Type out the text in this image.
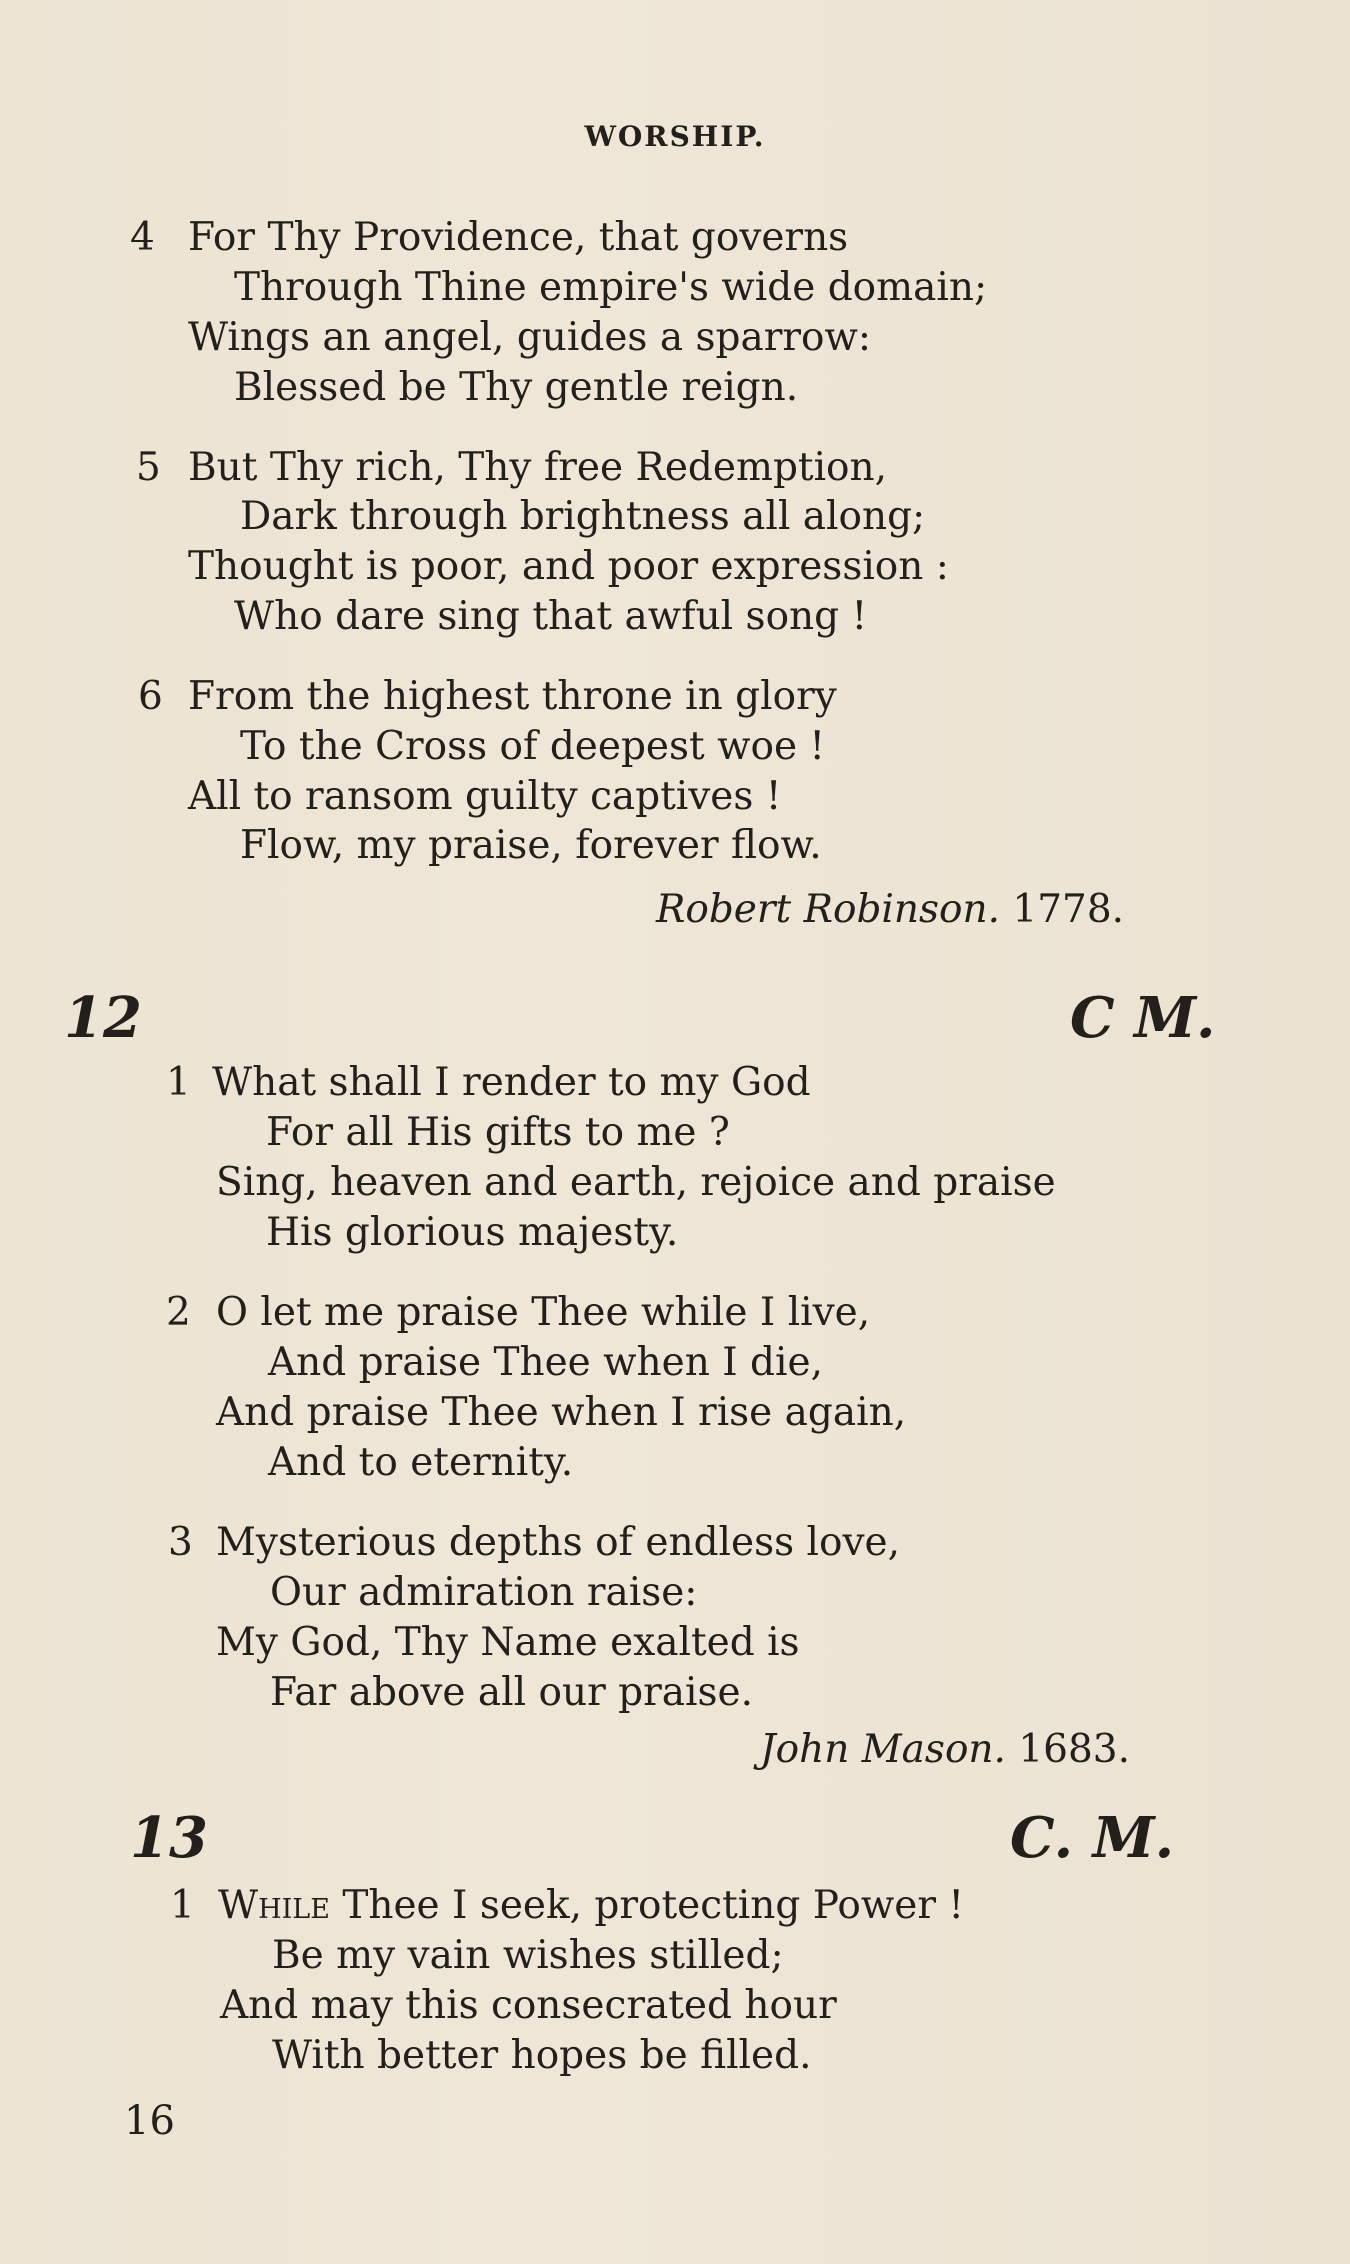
WORSHIP.
4 For Thy Providence, that governs
Through Thine empire's wide domain;
Wings an angel, guides a sparrow:
Blessed be Thy gentle reign.
5 But Thy rich, Thy free Redemption,
Dark through brightness all along;
Thought is poor, and poor expression :
Who dare sing that awful song !
6 From the highest throne in glory
To the Cross of deepest woe !
All to ransom guilty captives !
Flow, my praise, forever flow.
Robert Robinson. 1778.
12	C M.
1 What shall I render to my God
For all His gifts to me ?
Sing, heaven and earth, rejoice and praise
His glorious majesty.
2 O let me praise Thee while I live,
And praise Thee when I die,
And praise Thee when I rise again,
And to eternity.
3 Mysterious depths of endless love,
Our admiration raise:
My God, Thy Name exalted is
Far above all our praise.
John Mason. 1683.
13	C. M.
1 While Thee I seek, protecting Power !
Be my vain wishes stilled;
And may this consecrated hour
With better hopes be filled.
16
